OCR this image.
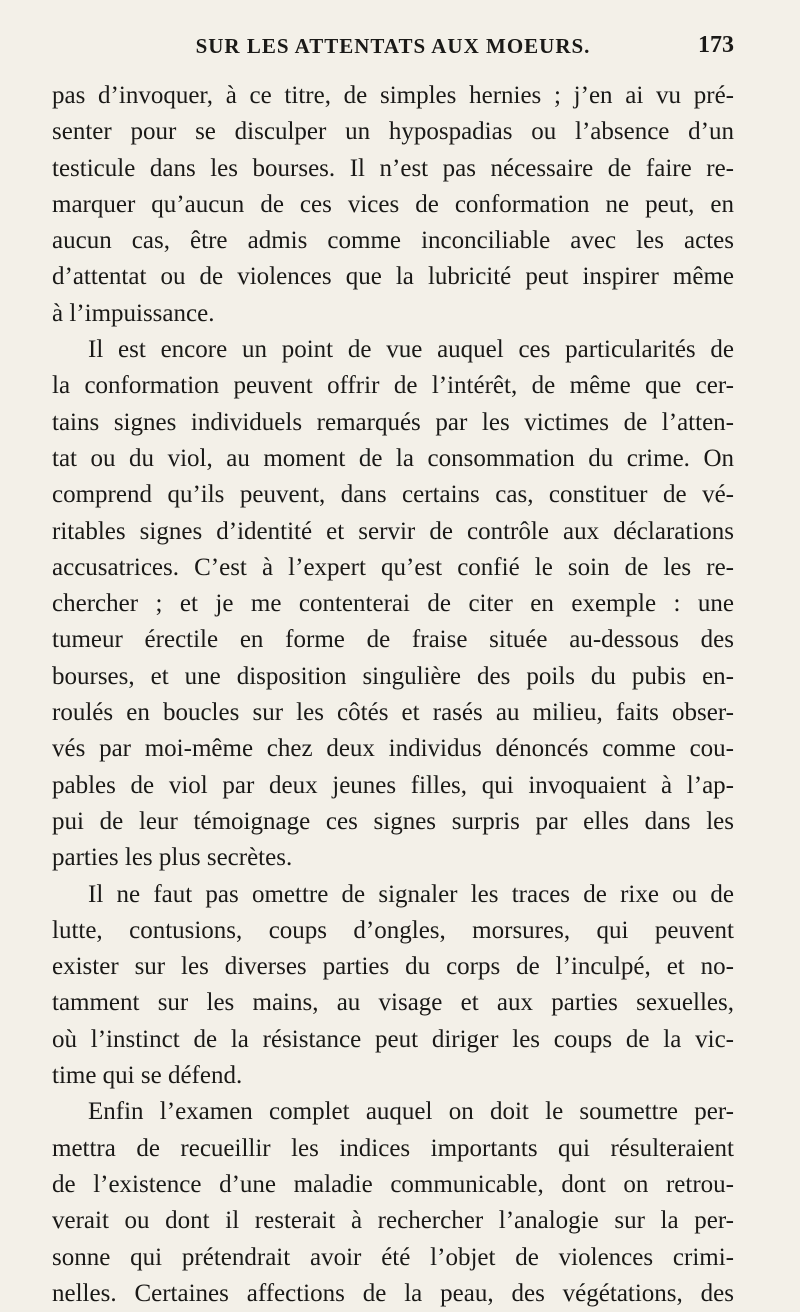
SUR LES ATTENTATS AUX MOEURS.	173
pas d’invoquer, à ce titre, de simples hernies ; j’en ai vu pré-
senter pour se disculper un hypospadias ou l’absence d’un
testicule dans les bourses. Il n’est pas nécessaire de faire re-
marquer qu’aucun de ces vices de conformation ne peut, en
aucun cas, être admis comme inconciliable avec les actes
d’attentat ou de violences que la lubricité peut inspirer même
à l’impuissance.
Il est encore un point de vue auquel ces particularités de
la conformation peuvent offrir de l’intérêt, de même que cer-
tains signes individuels remarqués par les victimes de l’atten-
tat ou du viol, au moment de la consommation du crime. On
comprend qu’ils peuvent, dans certains cas, constituer de vé-
ritables signes d’identité et servir de contrôle aux déclarations
accusatrices. C’est à l’expert qu’est confié le soin de les re-
chercher ; et je me contenterai de citer en exemple : une
tumeur érectile en forme de fraise située au-dessous des
bourses, et une disposition singulière des poils du pubis en-
roulés en boucles sur les côtés et rasés au milieu, faits obser-
vés par moi-même chez deux individus dénoncés comme cou-
pables de viol par deux jeunes filles, qui invoquaient à l’ap-
pui de leur témoignage ces signes surpris par elles dans les
parties les plus secrètes.
Il ne faut pas omettre de signaler les traces de rixe ou de
lutte, contusions, coups d’ongles, morsures, qui peuvent
exister sur les diverses parties du corps de l’inculpé, et no-
tamment sur les mains, au visage et aux parties sexuelles,
où l’instinct de la résistance peut diriger les coups de la vic-
time qui se défend.
Enfin l’examen complet auquel on doit le soumettre per-
mettra de recueillir les indices importants qui résulteraient
de l’existence d’une maladie communicable, dont on retrou-
verait ou dont il resterait à rechercher l’analogie sur la per-
sonne qui prétendrait avoir été l’objet de violences crimi-
nelles. Certaines affections de la peau, des végétations, des
